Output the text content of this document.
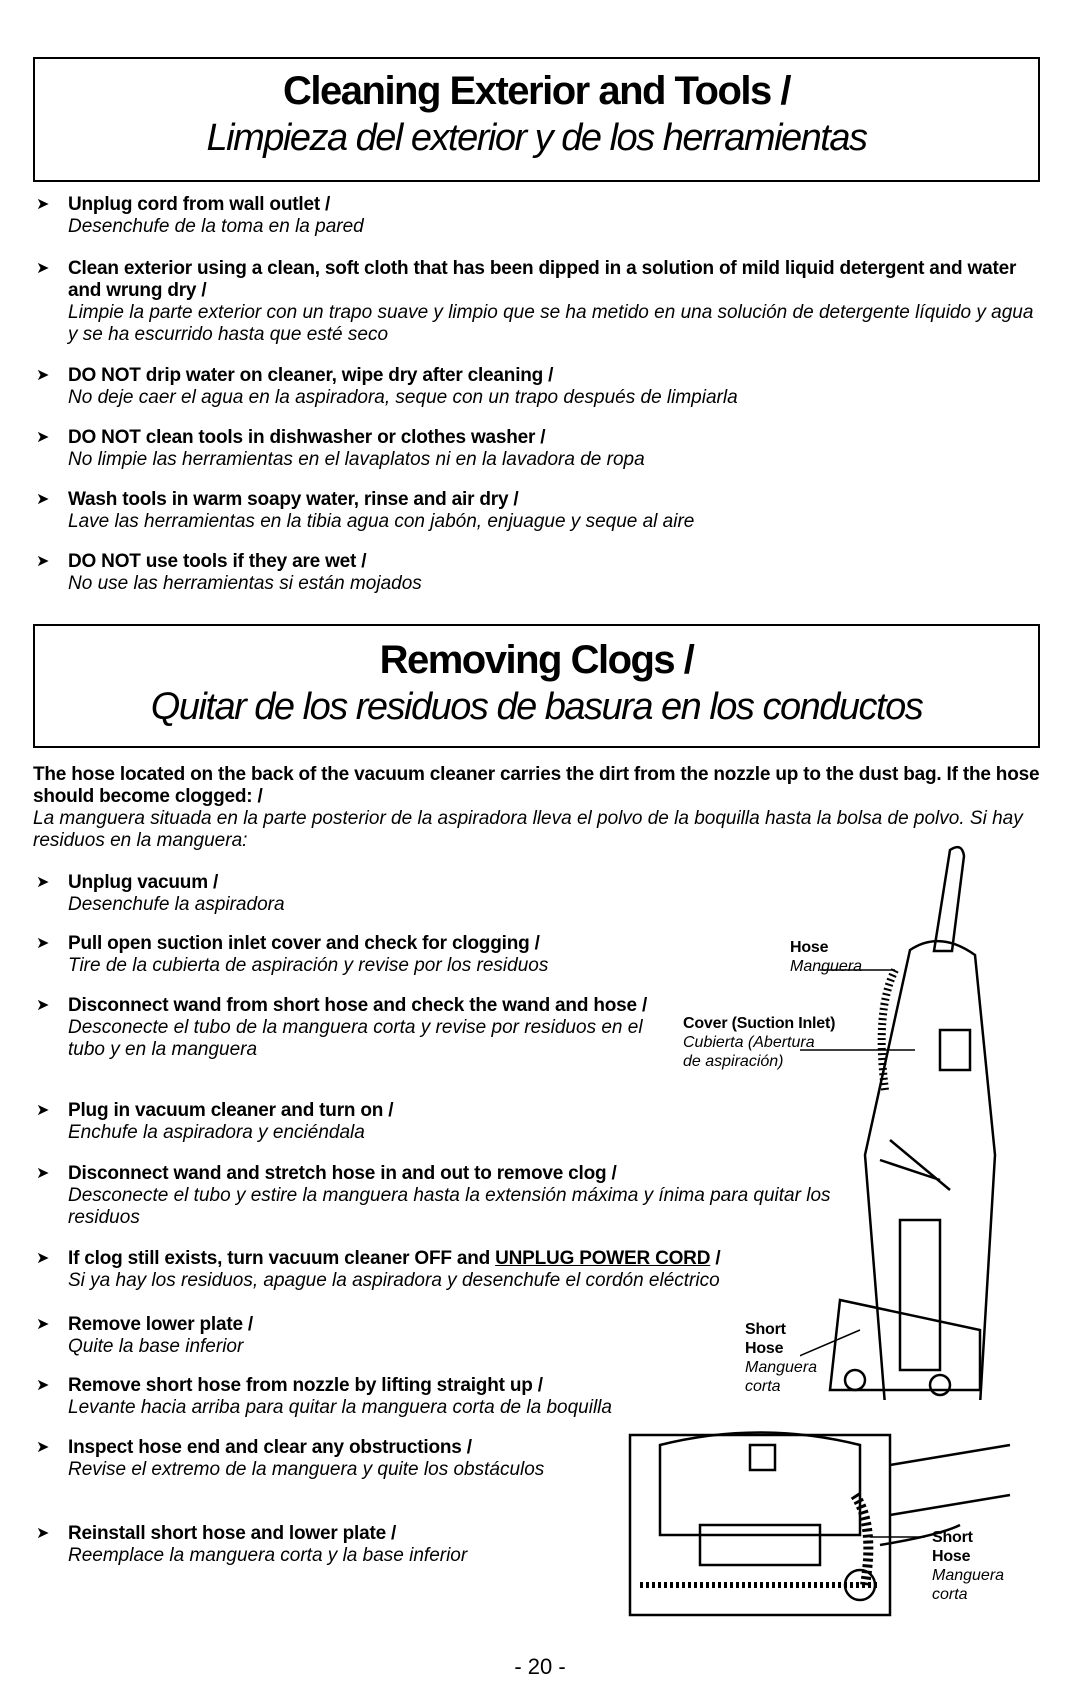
Cleaning Exterior and Tools /
Limpieza del exterior y de los herramientas
➤ Unplug cord from wall outlet /
Desenchufe de la toma en la pared
➤ Clean exterior using a clean, soft cloth that has been dipped in a solution of mild liquid detergent and water and wrung dry /
Limpie la parte exterior con un trapo suave y limpio que se ha metido en una solución de detergente líquido y agua y se ha escurrido hasta que esté seco
➤ DO NOT drip water on cleaner, wipe dry after cleaning /
No deje caer el agua en la aspiradora, seque con un trapo después de limpiarla
➤ DO NOT clean tools in dishwasher or clothes washer /
No limpie las herramientas en el lavaplatos ni en la lavadora de ropa
➤ Wash tools in warm soapy water, rinse and air dry /
Lave las herramientas en la tibia agua con jabón, enjuague y seque al aire
➤ DO NOT use tools if they are wet /
No use las herramientas si están mojados
Removing Clogs /
Quitar de los residuos de basura en los conductos
The hose located on the back of the vacuum cleaner carries the dirt from the nozzle up to the dust bag. If the hose should become clogged: /
La manguera situada en la parte posterior de la aspiradora lleva el polvo de la boquilla hasta la bolsa de polvo. Si hay residuos en la manguera:
➤ Unplug vacuum /
Desenchufe la aspiradora
➤ Pull open suction inlet cover and check for clogging /
Tire de la cubierta de aspiración y revise por los residuos
➤ Disconnect wand from short hose and check the wand and hose /
Desconecte el tubo de la manguera corta y revise por residuos en el tubo y en la manguera
➤ Plug in vacuum cleaner and turn on /
Enchufe la aspiradora y enciéndala
➤ Disconnect wand and stretch hose in and out to remove clog /
Desconecte el tubo y estire la manguera hasta la extensión máxima y ínima para quitar los residuos
➤ If clog still exists, turn vacuum cleaner OFF and UNPLUG POWER CORD /
Si ya hay los residuos, apague la aspiradora y desenchufe el cordón eléctrico
➤ Remove lower plate /
Quite la base inferior
➤ Remove short hose from nozzle by lifting straight up /
Levante hacia arriba para quitar la manguera corta de la boquilla
➤ Inspect hose end and clear any obstructions /
Revise el extremo de la manguera y quite los obstáculos
➤ Reinstall short hose and lower plate /
Reemplace la manguera corta y la base inferior
Hose
Manguera
Cover (Suction Inlet)
Cubierta (Abertura
de aspiración)
Short
Hose
Manguera
corta
Short
Hose
Manguera
corta
- 20 -
